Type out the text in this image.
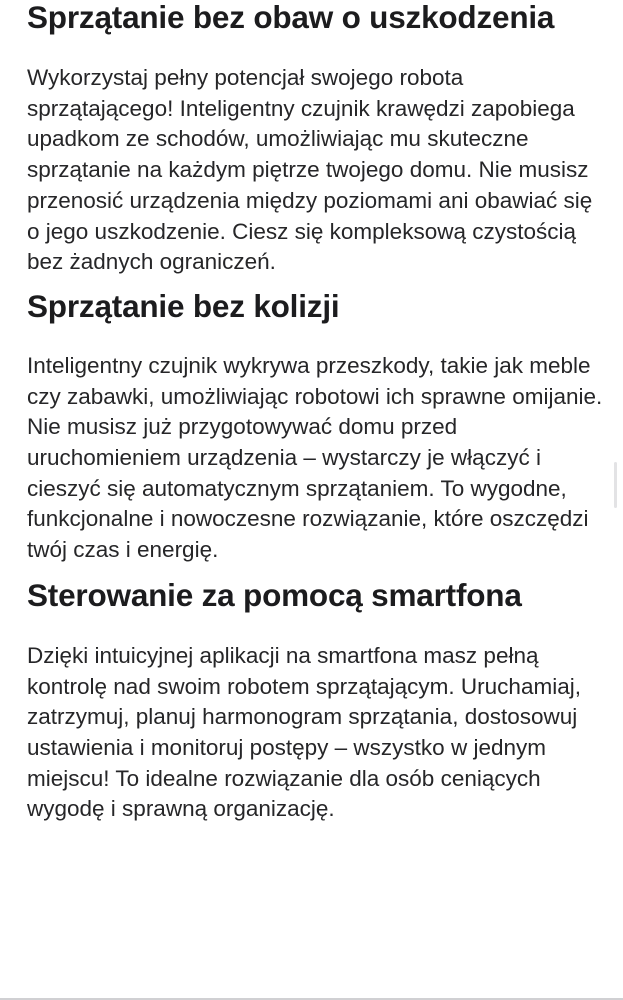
Sprzątanie bez obaw o uszkodzenia

Wykorzystaj pełny potencjał swojego robota sprzątającego! Inteligentny czujnik krawędzi zapobiega upadkom ze schodów, umożliwiając mu skuteczne sprzątanie na każdym piętrze twojego domu. Nie musisz przenosić urządzenia między poziomami ani obawiać się o jego uszkodzenie. Ciesz się kompleksową czystością bez żadnych ograniczeń.

Sprzątanie bez kolizji

Inteligentny czujnik wykrywa przeszkody, takie jak meble czy zabawki, umożliwiając robotowi ich sprawne omijanie. Nie musisz już przygotowywać domu przed uruchomieniem urządzenia – wystarczy je włączyć i cieszyć się automatycznym sprzątaniem. To wygodne, funkcjonalne i nowoczesne rozwiązanie, które oszczędzi twój czas i energię.

Sterowanie za pomocą smartfona

Dzięki intuicyjnej aplikacji na smartfona masz pełną kontrolę nad swoim robotem sprzątającym. Uruchamiaj, zatrzymuj, planuj harmonogram sprzątania, dostosowuj ustawienia i monitoruj postępy – wszystko w jednym miejscu! To idealne rozwiązanie dla osób ceniących wygodę i sprawną organizację.
